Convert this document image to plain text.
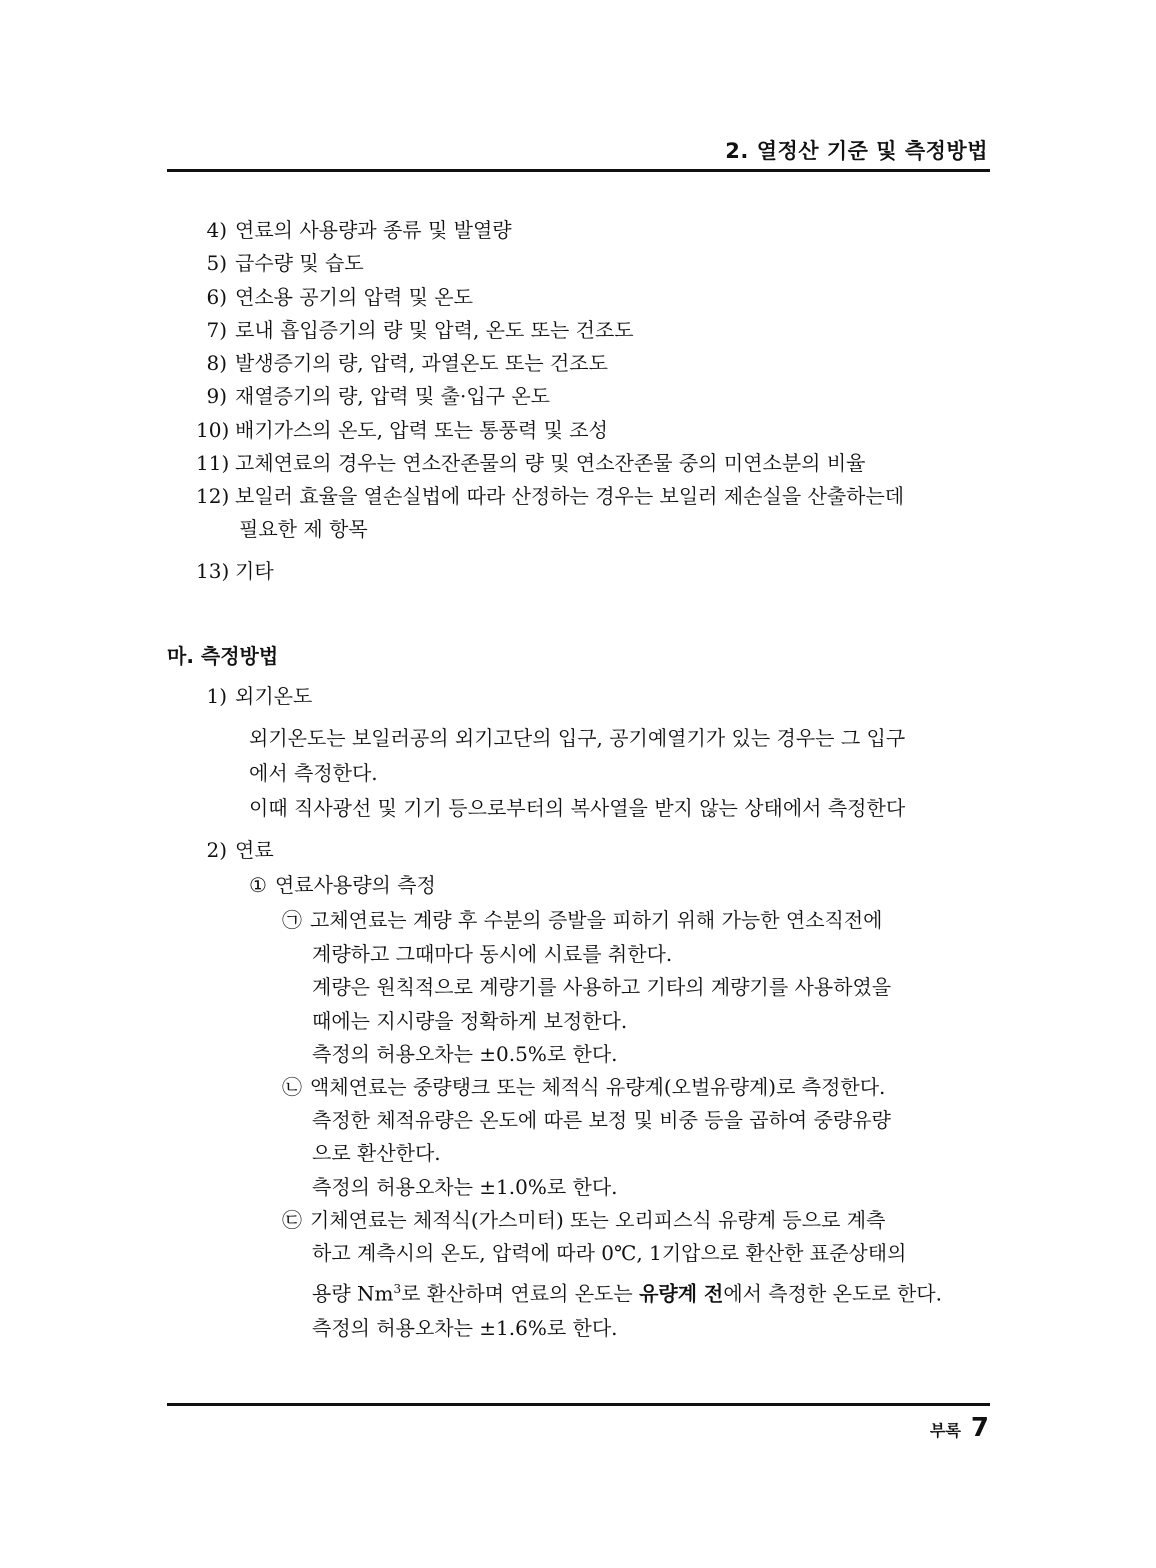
2. 열정산 기준 및 측정방법
4) 연료의 사용량과 종류 및 발열량
5) 급수량 및 습도
6) 연소용 공기의 압력 및 온도
7) 로내 흡입증기의 량 및 압력, 온도 또는 건조도
8) 발생증기의 량, 압력, 과열온도 또는 건조도
9) 재열증기의 량, 압력 및 출·입구 온도
10) 배기가스의 온도, 압력 또는 통풍력 및 조성
11) 고체연료의 경우는 연소잔존물의 량 및 연소잔존물 중의 미연소분의 비율
12) 보일러 효율을 열손실법에 따라 산정하는 경우는 보일러 제손실을 산출하는데
필요한 제 항목
13) 기타
마. 측정방법
1) 외기온도
외기온도는 보일러공의 외기고단의 입구, 공기예열기가 있는 경우는 그 입구
에서 측정한다.
이때 직사광선 및 기기 등으로부터의 복사열을 받지 않는 상태에서 측정한다
2) 연료
① 연료사용량의 측정
㉠ 고체연료는 계량 후 수분의 증발을 피하기 위해 가능한 연소직전에
계량하고 그때마다 동시에 시료를 취한다.
계량은 원칙적으로 계량기를 사용하고 기타의 계량기를 사용하였을
때에는 지시량을 정확하게 보정한다.
측정의 허용오차는 ±0.5%로 한다.
㉡ 액체연료는 중량탱크 또는 체적식 유량계(오벌유량계)로 측정한다.
측정한 체적유량은 온도에 따른 보정 및 비중 등을 곱하여 중량유량
으로 환산한다.
측정의 허용오차는 ±1.0%로 한다.
㉢ 기체연료는 체적식(가스미터) 또는 오리피스식 유량계 등으로 계측
하고 계측시의 온도, 압력에 따라 0℃, 1기압으로 환산한 표준상태의
용량 Nm$^3$로 환산하며 연료의 온도는 유량계 전에서 측정한 온도로 한다.
측정의 허용오차는 ±1.6%로 한다.
부록 7
